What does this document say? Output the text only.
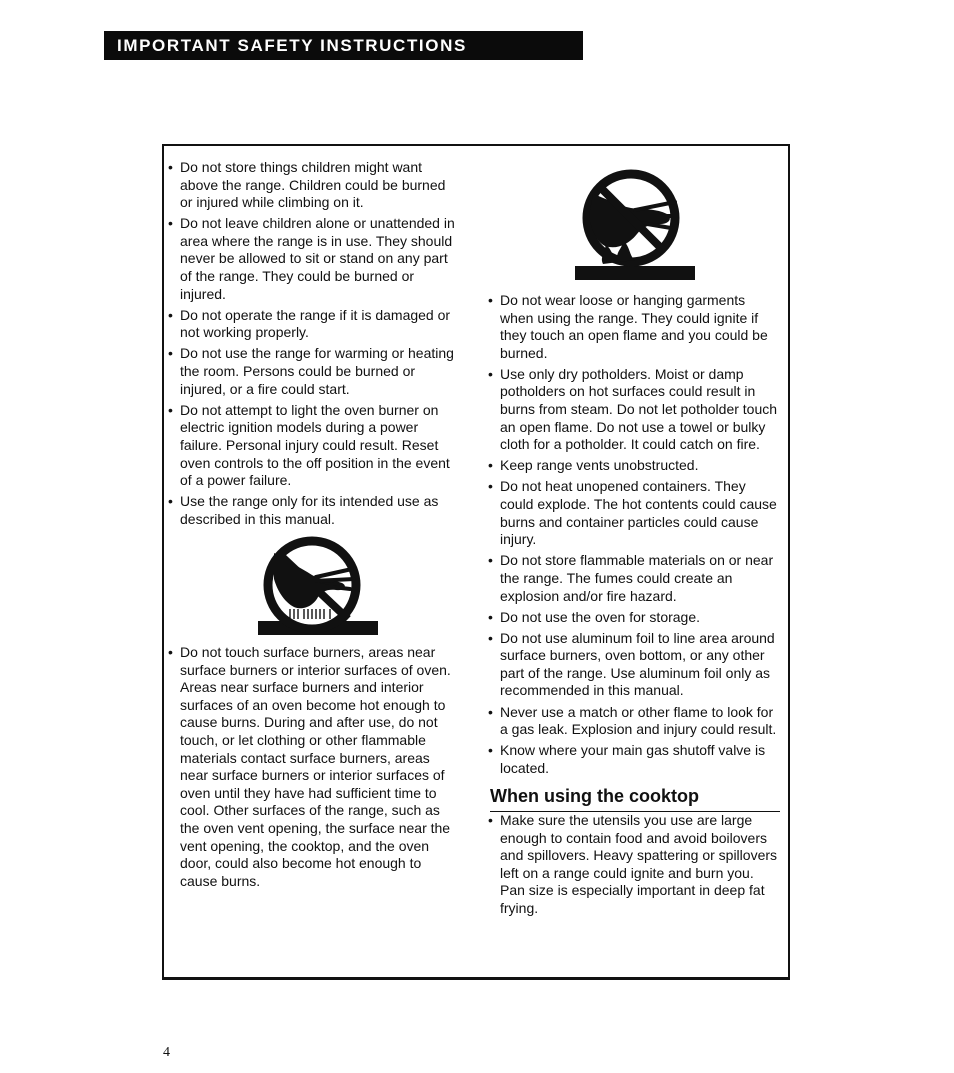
IMPORTANT SAFETY INSTRUCTIONS
• Do not store things children might want above the range. Children could be burned or injured while climbing on it.
• Do not leave children alone or unattended in area where the range is in use. They should never be allowed to sit or stand on any part of the range. They could be burned or injured.
• Do not operate the range if it is damaged or not working properly.
• Do not use the range for warming or heating the room. Persons could be burned or injured, or a fire could start.
• Do not attempt to light the oven burner on electric ignition models during a power failure. Personal injury could result. Reset oven controls to the off position in the event of a power failure.
• Use the range only for its intended use as described in this manual.
• Do not touch surface burners, areas near surface burners or interior surfaces of oven. Areas near surface burners and interior surfaces of an oven become hot enough to cause burns. During and after use, do not touch, or let clothing or other flammable materials contact surface burners, areas near surface burners or interior surfaces of oven until they have had sufficient time to cool. Other surfaces of the range, such as the oven vent opening, the surface near the vent opening, the cooktop, and the oven door, could also become hot enough to cause burns.
• Do not wear loose or hanging garments when using the range. They could ignite if they touch an open flame and you could be burned.
• Use only dry potholders. Moist or damp potholders on hot surfaces could result in burns from steam. Do not let potholder touch an open flame. Do not use a towel or bulky cloth for a potholder. It could catch on fire.
• Keep range vents unobstructed.
• Do not heat unopened containers. They could explode. The hot contents could cause burns and container particles could cause injury.
• Do not store flammable materials on or near the range. The fumes could create an explosion and/or fire hazard.
• Do not use the oven for storage.
• Do not use aluminum foil to line area around surface burners, oven bottom, or any other part of the range. Use aluminum foil only as recommended in this manual.
• Never use a match or other flame to look for a gas leak. Explosion and injury could result.
• Know where your main gas shutoff valve is located.
When using the cooktop
• Make sure the utensils you use are large enough to contain food and avoid boilovers and spillovers. Heavy spattering or spillovers left on a range could ignite and burn you. Pan size is especially important in deep fat frying.
4
